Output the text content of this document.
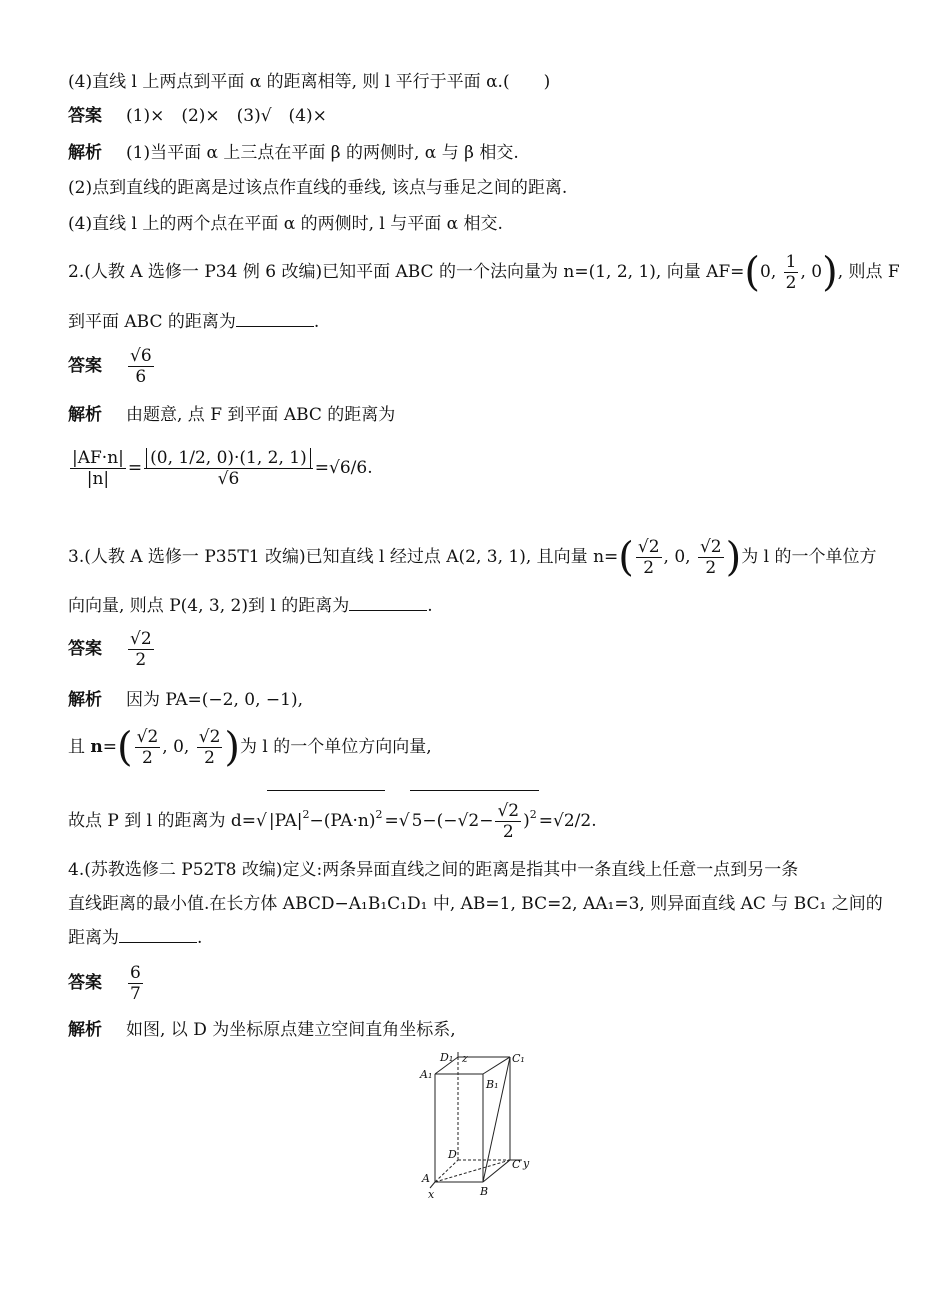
(4)直线 l 上两点到平面 α 的距离相等, 则 l 平行于平面 α.(　　)
答案 (1)×　(2)×　(3)√　(4)×
解析 (1)当平面 α 上三点在平面 β 的两侧时, α 与 β 相交.
(2)点到直线的距离是过该点作直线的垂线, 该点与垂足之间的距离.
(4)直线 l 上的两个点在平面 α 的两侧时, l 与平面 α 相交.
2.(人教 A 选修一 P34 例 6 改编)已知平面 ABC 的一个法向量为 n=(1, 2, 1), 向量 AF=(0, $\frac{1}{2}$ , 0), 则点 F
到平面 ABC 的距离为	.
答案 $\frac{√6}{6}$
解析 由题意, 点 F 到平面 ABC 的距离为
$\frac{|AF\cdot n|}{|n|} = \frac{(0, 1/2, 0)\cdot(1, 2, 1)}{√6} =√6/6$.
3.(人教 A 选修一 P35T1 改编)已知直线 l 经过点 A(2, 3, 1), 且向量 $n=( \frac{√2}{2}$ , 0, $\frac{√2}{2}$ )为 l 的一个单位方
向向量, 则点 P(4, 3, 2)到 l 的距离为	.
答案 $\frac{√2}{2}$
解析 因为 PA=(−2, 0, −1),
且 $n=( \frac{√2}{2}$ , 0, $\frac{√2}{2}$ )为 l 的一个单位方向向量,
故点 P 到 l 的距离为 d=√ $|PA|^2-(PA\cdot n)^2$ =√ $5-(-√2- \frac{√2}{2} )^2 =√2/2$.
4.(苏教选修二 P52T8 改编)定义:两条异面直线之间的距离是指其中一条直线上任意一点到另一条
直线距离的最小值.在长方体 ABCD−A₁B₁C₁D₁ 中, AB=1, BC=2, AA₁=3, 则异面直线 AC 与 BC₁ 之间的
距离为	.
答案 $\frac{6}{7}$
解析 如图, 以 D 为坐标原点建立空间直角坐标系,
D₁ z	C₁
A₁
B₁
D
C y
A
x	B
